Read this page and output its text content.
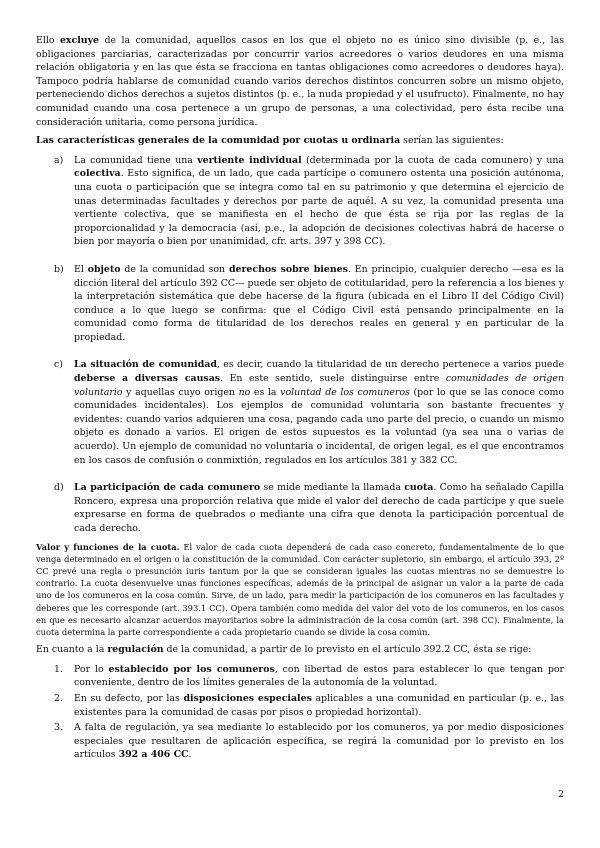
Ello excluye de la comunidad, aquellos casos en los que el objeto no es único sino divisible (p. e., las obligaciones parciarias, caracterizadas por concurrir varios acreedores o varios deudores en una misma relación obligatoria y en las que ésta se fracciona en tantas obligaciones como acreedores o deudores haya). Tampoco podría hablarse de comunidad cuando varios derechos distintos concurren sobre un mismo objeto, perteneciendo dichos derechos a sujetos distintos (p. e., la nuda propiedad y el usufructo). Finalmente, no hay comunidad cuando una cosa pertenece a un grupo de personas, a una colectividad, pero ésta recibe una consideración unitaria, como persona jurídica.

Las características generales de la comunidad por cuotas u ordinaria serían las siguientes:

a) La comunidad tiene una vertiente individual (determinada por la cuota de cada comunero) y una colectiva. Esto significa, de un lado, que cada partícipe o comunero ostenta una posición autónoma, una cuota o participación que se integra como tal en su patrimonio y que determina el ejercicio de unas determinadas facultades y derechos por parte de aquél. A su vez, la comunidad presenta una vertiente colectiva, que se manifiesta en el hecho de que ésta se rija por las reglas de la proporcionalidad y la democracia (así, p.e., la adopción de decisiones colectivas habrá de hacerse o bien por mayoría o bien por unanimidad, cfr. arts. 397 y 398 CC).

b) El objeto de la comunidad son derechos sobre bienes. En principio, cualquier derecho —esa es la dicción literal del artículo 392 CC— puede ser objeto de cotitularidad, pero la referencia a los bienes y la interpretación sistemática que debe hacerse de la figura (ubicada en el Libro II del Código Civil) conduce a lo que luego se confirma: que el Código Civil está pensando principalmente en la comunidad como forma de titularidad de los derechos reales en general y en particular de la propiedad.

c) La situación de comunidad, es decir, cuando la titularidad de un derecho pertenece a varios puede deberse a diversas causas. En este sentido, suele distinguirse entre comunidades de origen voluntario y aquellas cuyo origen no es la voluntad de los comuneros (por lo que se las conoce como comunidades incidentales). Los ejemplos de comunidad voluntaria son bastante frecuentes y evidentes: cuando varios adquieren una cosa, pagando cada uno parte del precio, o cuando un mismo objeto es donado a varios. El origen de estos supuestos es la voluntad (ya sea una o varias de acuerdo). Un ejemplo de comunidad no voluntaria o incidental, de origen legal, es el que encontramos en los casos de confusión o conmixtión, regulados en los artículos 381 y 382 CC.

d) La participación de cada comunero se mide mediante la llamada cuota. Como ha señalado Capilla Roncero, expresa una proporción relativa que mide el valor del derecho de cada partícipe y que suele expresarse en forma de quebrados o mediante una cifra que denota la participación porcentual de cada derecho.

Valor y funciones de la cuota. El valor de cada cuota dependerá de cada caso concreto, fundamentalmente de lo que venga determinado en el origen o la constitución de la comunidad. Con carácter supletorio, sin embargo, el artículo 393, 2º CC prevé una regla o presunción iuris tantum por la que se consideran iguales las cuotas mientras no se demuestre lo contrario. La cuota desenvuelve unas funciones específicas, además de la principal de asignar un valor a la parte de cada uno de los comuneros en la cosa común. Sirve, de un lado, para medir la participación de los comuneros en las facultades y deberes que les corresponde (art. 393.1 CC). Opera también como medida del valor del voto de los comuneros, en los casos en que es necesario alcanzar acuerdos mayoritarios sobre la administración de la cosa común (art. 398 CC). Finalmente, la cuota determina la parte correspondiente a cada propietario cuando se divide la cosa común.

En cuanto a la regulación de la comunidad, a partir de lo previsto en el artículo 392.2 CC, ésta se rige:

1. Por lo establecido por los comuneros, con libertad de estos para establecer lo que tengan por conveniente, dentro de los límites generales de la autonomía de la voluntad.

2. En su defecto, por las disposiciones especiales aplicables a una comunidad en particular (p. e., las existentes para la comunidad de casas por pisos o propiedad horizontal).

3. A falta de regulación, ya sea mediante lo establecido por los comuneros, ya por medio disposiciones especiales que resultaren de aplicación específica, se regirá la comunidad por lo previsto en los artículos 392 a 406 CC.

2
